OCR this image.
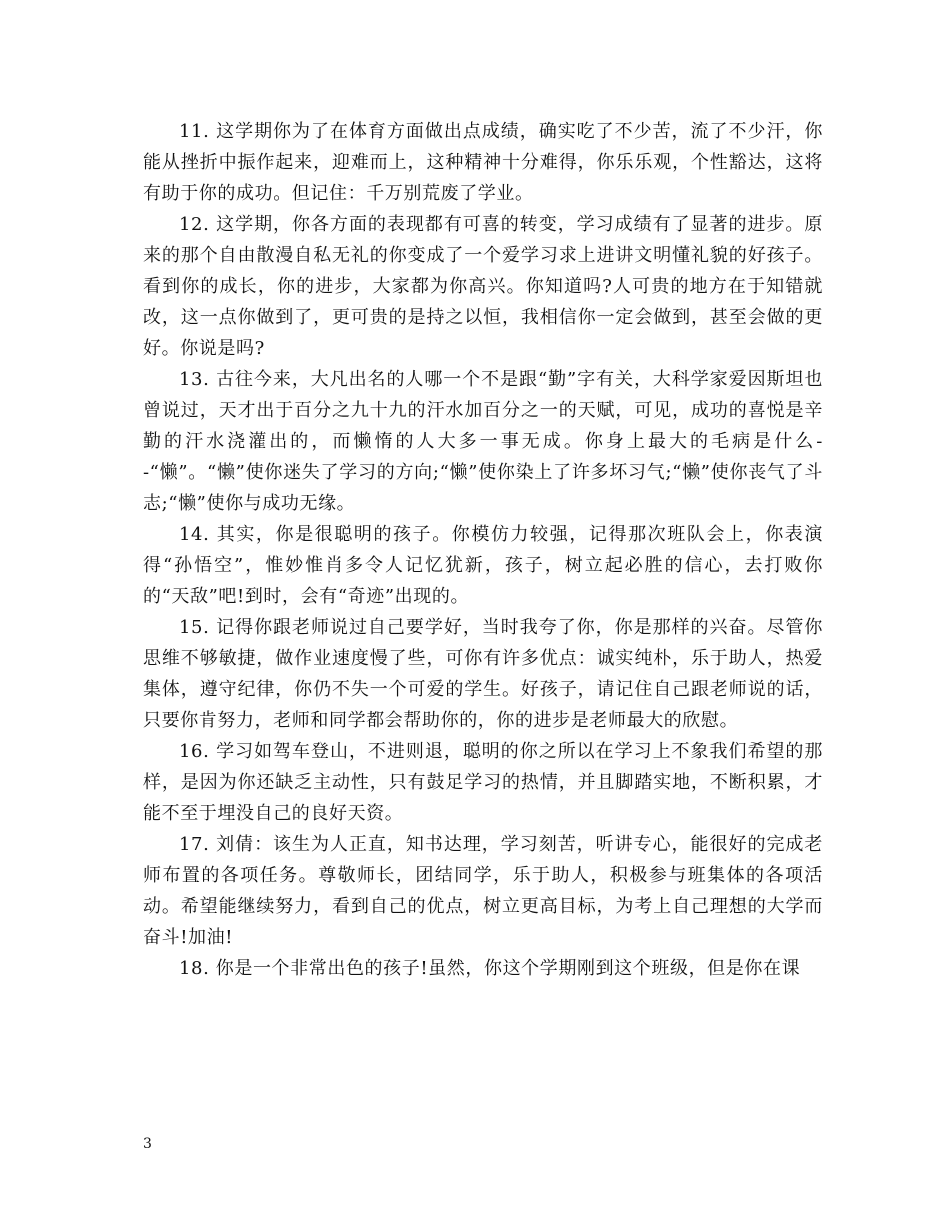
11. 这学期你为了在体育方面做出点成绩，确实吃了不少苦，流了不少汗，你能从挫折中振作起来，迎难而上，这种精神十分难得，你乐乐观，个性豁达，这将有助于你的成功。但记住：千万别荒废了学业。

12. 这学期，你各方面的表现都有可喜的转变，学习成绩有了显著的进步。原来的那个自由散漫自私无礼的你变成了一个爱学习求上进讲文明懂礼貌的好孩子。看到你的成长，你的进步，大家都为你高兴。你知道吗?人可贵的地方在于知错就改，这一点你做到了，更可贵的是持之以恒，我相信你一定会做到，甚至会做的更好。你说是吗?

13. 古往今来，大凡出名的人哪一个不是跟“勤”字有关，大科学家爱因斯坦也曾说过，天才出于百分之九十九的汗水加百分之一的天赋，可见，成功的喜悦是辛勤的汗水浇灌出的，而懒惰的人大多一事无成。你身上最大的毛病是什么--“懒”。“懒”使你迷失了学习的方向;“懒”使你染上了许多坏习气;“懒”使你丧气了斗志;“懒”使你与成功无缘。

14. 其实，你是很聪明的孩子。你模仿力较强，记得那次班队会上，你表演得“孙悟空”，惟妙惟肖多令人记忆犹新，孩子，树立起必胜的信心，去打败你的“天敌”吧!到时，会有“奇迹”出现的。

15. 记得你跟老师说过自己要学好，当时我夸了你，你是那样的兴奋。尽管你思维不够敏捷，做作业速度慢了些，可你有许多优点：诚实纯朴，乐于助人，热爱集体，遵守纪律，你仍不失一个可爱的学生。好孩子，请记住自己跟老师说的话，只要你肯努力，老师和同学都会帮助你的，你的进步是老师最大的欣慰。

16. 学习如驾车登山，不进则退，聪明的你之所以在学习上不象我们希望的那样，是因为你还缺乏主动性，只有鼓足学习的热情，并且脚踏实地，不断积累，才能不至于埋没自己的良好天资。

17. 刘倩：该生为人正直，知书达理，学习刻苦，听讲专心，能很好的完成老师布置的各项任务。尊敬师长，团结同学，乐于助人，积极参与班集体的各项活动。希望能继续努力，看到自己的优点，树立更高目标，为考上自己理想的大学而奋斗!加油!

18. 你是一个非常出色的孩子!虽然，你这个学期刚到这个班级，但是你在课

3
